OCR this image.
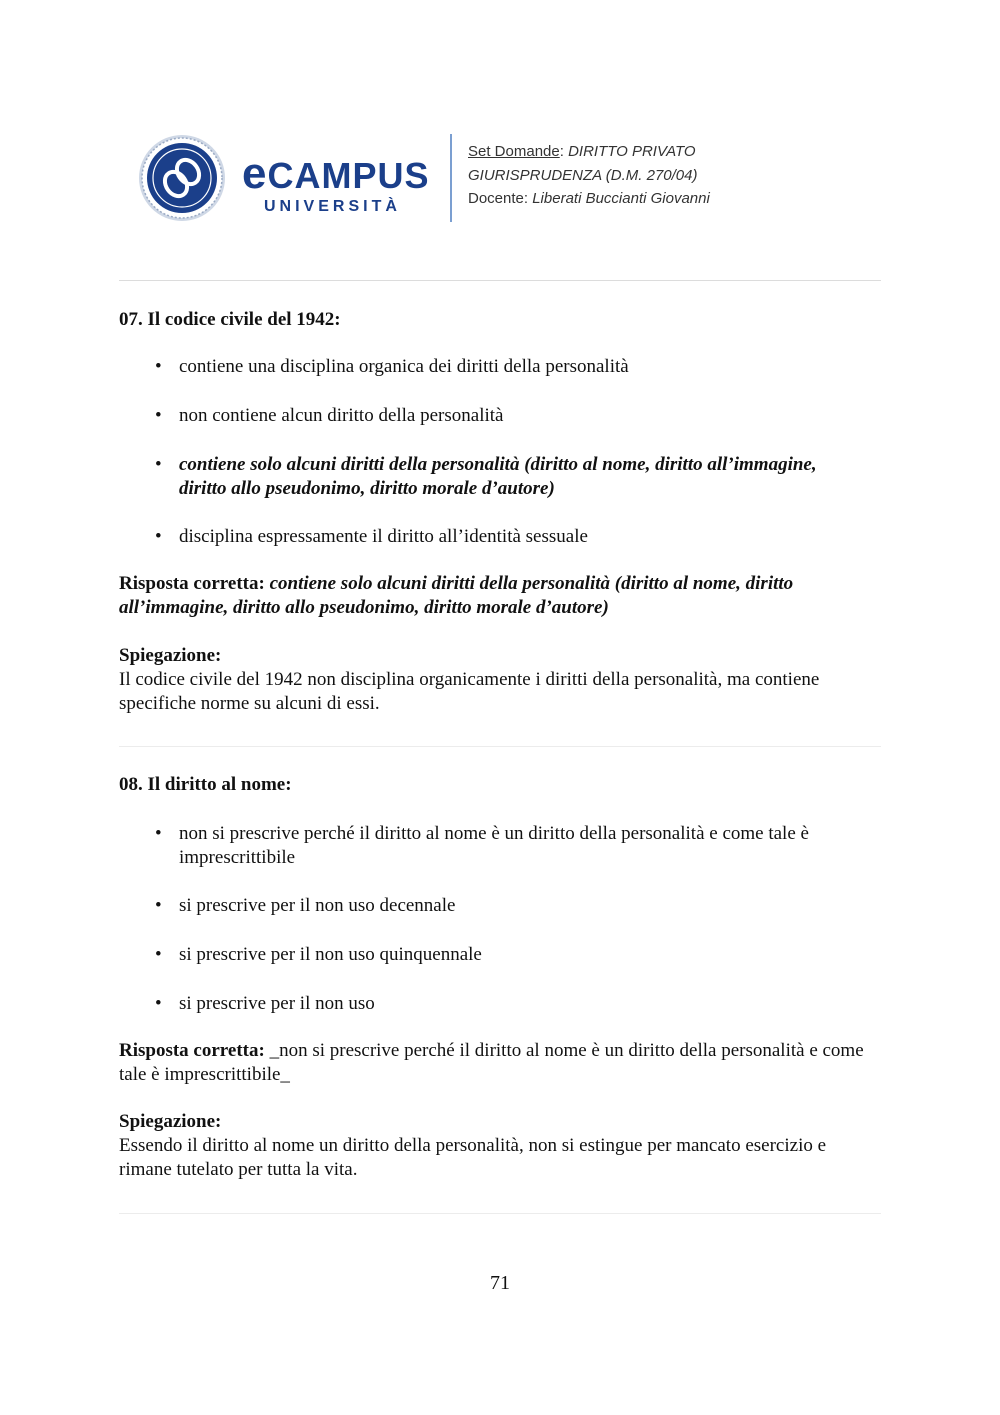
eCAMPUS
UNIVERSITÀ
Set Domande: DIRITTO PRIVATO
GIURISPRUDENZA (D.M. 270/04)
Docente: Liberati Buccianti Giovanni
07. Il codice civile del 1942:
• contiene una disciplina organica dei diritti della personalità
• non contiene alcun diritto della personalità
• contiene solo alcuni diritti della personalità (diritto al nome, diritto all’immagine, diritto allo pseudonimo, diritto morale d’autore)
• disciplina espressamente il diritto all’identità sessuale
Risposta corretta: contiene solo alcuni diritti della personalità (diritto al nome, diritto all’immagine, diritto allo pseudonimo, diritto morale d’autore)
Spiegazione:
Il codice civile del 1942 non disciplina organicamente i diritti della personalità, ma contiene specifiche norme su alcuni di essi.
08. Il diritto al nome:
• non si prescrive perché il diritto al nome è un diritto della personalità e come tale è imprescrittibile
• si prescrive per il non uso decennale
• si prescrive per il non uso quinquennale
• si prescrive per il non uso
Risposta corretta: _non si prescrive perché il diritto al nome è un diritto della personalità e come tale è imprescrittibile_
Spiegazione:
Essendo il diritto al nome un diritto della personalità, non si estingue per mancato esercizio e rimane tutelato per tutta la vita.
71
